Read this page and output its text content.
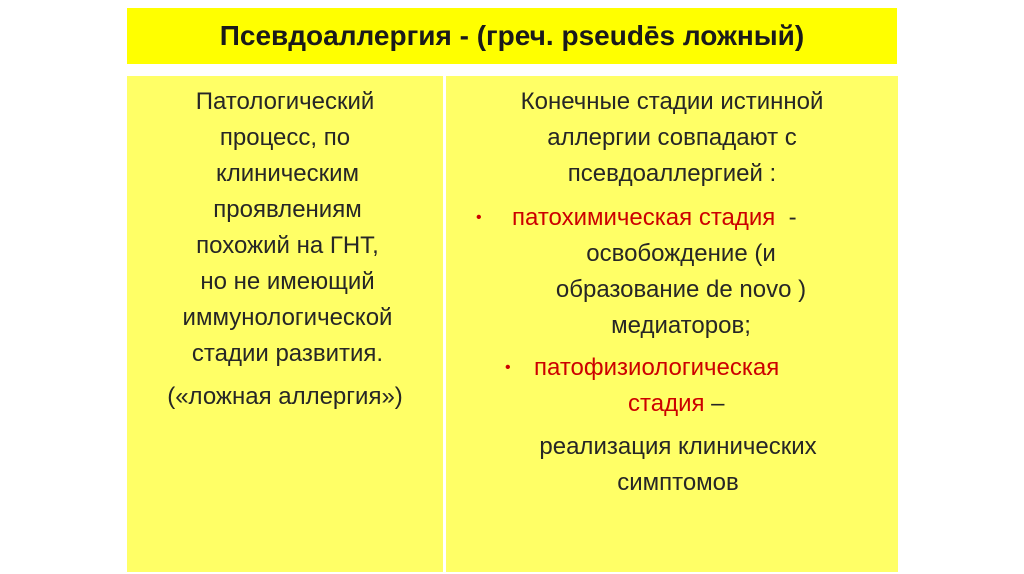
Псевдоаллергия - (греч. pseudēs ложный)
Патологический
процесс, по
клиническим
проявлениям
похожий на ГНТ,
но не имеющий
иммунологической
стадии развития.
(«ложная аллергия»)
Конечные стадии истинной
аллергии совпадают с
псевдоаллергией :
• патохимическая стадия -
освобождение (и
образование de novo )
медиаторов;
• патофизиологическая
стадия –
реализация клинических
симптомов
